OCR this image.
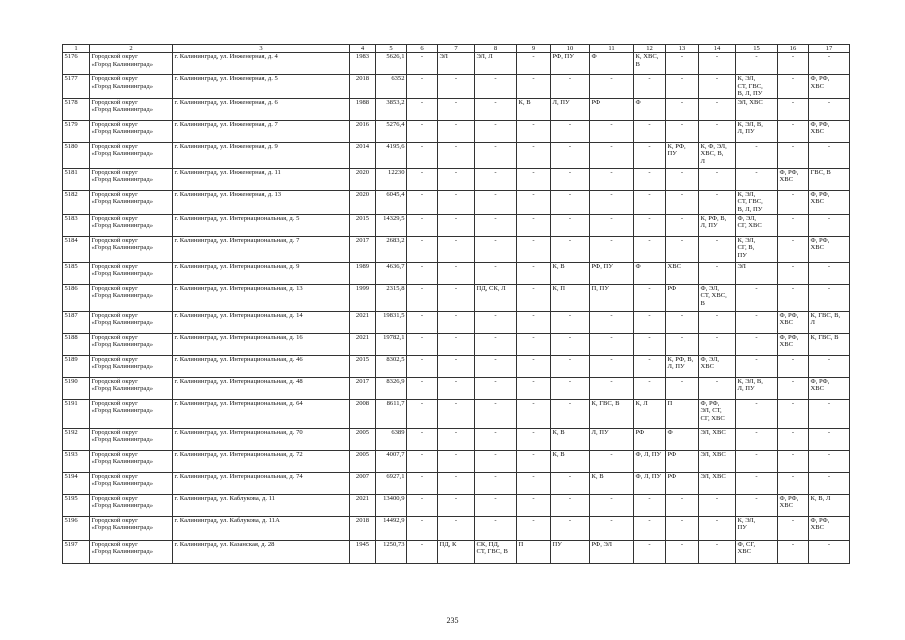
1	2	3	4	5	6	7	8	9	10	11	12	13	14	15	16	17
5176	Городской округ
«Город Калининград»	г. Калининград, ул. Инженерная, д. 4	1983	5626,1	-	ЭЛ	ЭЛ, Л	-	РФ, ПУ	Ф	К, ХВС,
В	-	-	-	-	-
5177	Городской округ
«Город Калининград»	г. Калининград, ул. Инженерная, д. 5	2018	6352	-	-	-	-	-	-	-	-	-	К, ЭЛ,
СТ, ГВС,
В, Л, ПУ	-	Ф, РФ,
ХВС
5178	Городской округ
«Город Калининград»	г. Калининград, ул. Инженерная, д. 6	1988	3853,2	-	-	-	К, В	Л, ПУ	РФ	Ф	-	-	ЭЛ, ХВС	-	-
5179	Городской округ
«Город Калининград»	г. Калининград, ул. Инженерная, д. 7	2016	5276,4	-	-	-	-	-	-	-	-	-	К, ЭЛ, В,
Л, ПУ	-	Ф, РФ,
ХВС
5180	Городской округ
«Город Калининград»	г. Калининград, ул. Инженерная, д. 9	2014	4195,6	-	-	-	-	-	-	-	К, РФ,
ПУ	К, Ф, ЭЛ,
ХВС, В,
Л	-	-	-
5181	Городской округ
«Город Калининград»	г. Калининград, ул. Инженерная, д. 11	2020	12230	-	-	-	-	-	-	-	-	-	-	Ф, РФ,
ХВС	ГВС, В
5182	Городской округ
«Город Калининград»	г. Калининград, ул. Инженерная, д. 13	2020	6045,4	-	-	-	-	-	-	-	-	-	К, ЭЛ,
СТ, ГВС,
В, Л, ПУ	-	Ф, РФ,
ХВС
5183	Городской округ
«Город Калининград»	г. Калининград, ул. Интернациональная, д. 5	2015	14329,5	-	-	-	-	-	-	-	-	К, РФ, В,
Л, ПУ	Ф, ЭЛ,
СГ, ХВС	-	-
5184	Городской округ
«Город Калининград»	г. Калининград, ул. Интернациональная, д. 7	2017	2683,2	-	-	-	-	-	-	-	-	-	К, ЭЛ,
СГ, В,
ПУ	-	Ф, РФ,
ХВС
5185	Городской округ
«Город Калининград»	г. Калининград, ул. Интернациональная, д. 9	1989	4636,7	-	-	-	-	К, В	РФ, ПУ	Ф	ХВС	-	ЭЛ	-	-
5186	Городской округ
«Город Калининград»	г. Калининград, ул. Интернациональная, д. 13	1999	2315,8	-	-	ПД, СК, Л	-	К, П	П, ПУ	-	РФ	Ф, ЭЛ,
СТ, ХВС,
В	-	-	-
5187	Городской округ
«Город Калининград»	г. Калининград, ул. Интернациональная, д. 14	2021	19831,5	-	-	-	-	-	-	-	-	-	-	Ф, РФ,
ХВС	К, ГВС, В,
Л
5188	Городской округ
«Город Калининград»	г. Калининград, ул. Интернациональная, д. 16	2021	19782,1	-	-	-	-	-	-	-	-	-	-	Ф, РФ,
ХВС	К, ГВС, В
5189	Городской округ
«Город Калининград»	г. Калининград, ул. Интернациональная, д. 46	2015	8302,5	-	-	-	-	-	-	-	К, РФ, В,
Л, ПУ	Ф, ЭЛ,
ХВС	-	-	-
5190	Городской округ
«Город Калининград»	г. Калининград, ул. Интернациональная, д. 48	2017	8326,9	-	-	-	-	-	-	-	-	-	К, ЭЛ, В,
Л, ПУ	-	Ф, РФ,
ХВС
5191	Городской округ
«Город Калининград»	г. Калининград, ул. Интернациональная, д. 64	2008	8611,7	-	-	-	-	-	К, ГВС, В	К, Л	П	Ф, РФ,
ЭЛ, СТ,
СГ, ХВС	-	-	-
5192	Городской округ
«Город Калининград»	г. Калининград, ул. Интернациональная, д. 70	2005	6389	-	-	-	-	К, В	Л, ПУ	РФ	Ф	ЭЛ, ХВС	-	-	-
5193	Городской округ
«Город Калининград»	г. Калининград, ул. Интернациональная, д. 72	2005	4007,7	-	-	-	-	К, В	-	Ф, Л, ПУ	РФ	ЭЛ, ХВС	-	-	-
5194	Городской округ
«Город Калининград»	г. Калининград, ул. Интернациональная, д. 74	2007	6927,1	-	-	-	-	-	К, В	Ф, Л, ПУ	РФ	ЭЛ, ХВС	-	-	-
5195	Городской округ
«Город Калининград»	г. Калининград, ул. Каблукова, д. 11	2021	13400,9	-	-	-	-	-	-	-	-	-	-	Ф, РФ,
ХВС	К, В, Л
5196	Городской округ
«Город Калининград»	г. Калининград, ул. Каблукова, д. 11А	2018	14492,9	-	-	-	-	-	-	-	-	-	К, ЭЛ,
ПУ	-	Ф, РФ,
ХВС
5197	Городской округ
«Город Калининград»	г. Калининград, ул. Казанская, д. 28	1945	1250,73	-	ПД, К	СК, ПД,
СТ, ГВС, В	П	ПУ	РФ, ЭЛ	-	-	-	Ф, СГ,
ХВС	-	-
235
